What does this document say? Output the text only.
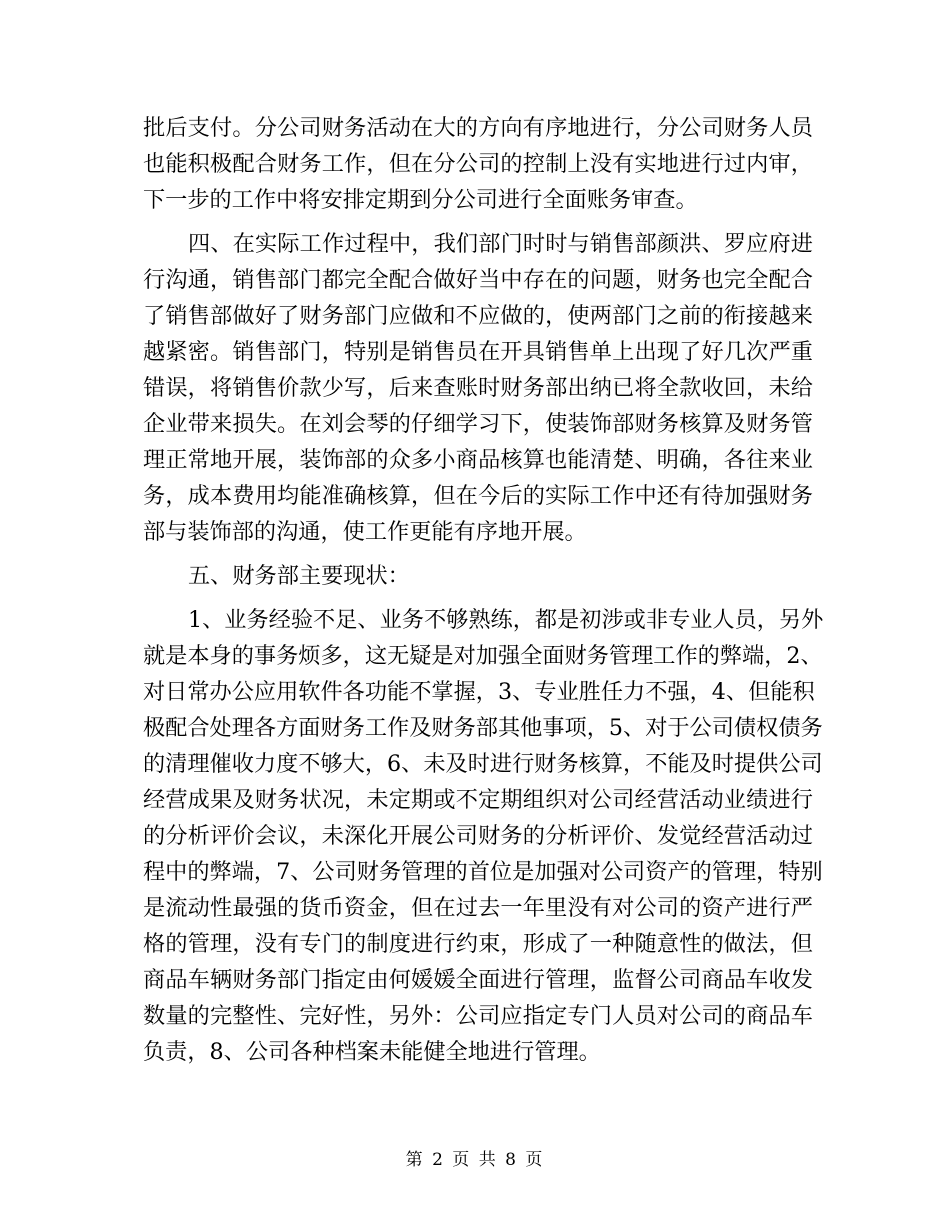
批后支付。分公司财务活动在大的方向有序地进行，分公司财务人员
也能积极配合财务工作，但在分公司的控制上没有实地进行过内审，
下一步的工作中将安排定期到分公司进行全面账务审查。
四、在实际工作过程中，我们部门时时与销售部颜洪、罗应府进
行沟通，销售部门都完全配合做好当中存在的问题，财务也完全配合
了销售部做好了财务部门应做和不应做的，使两部门之前的衔接越来
越紧密。销售部门，特别是销售员在开具销售单上出现了好几次严重
错误，将销售价款少写，后来查账时财务部出纳已将全款收回，未给
企业带来损失。在刘会琴的仔细学习下，使装饰部财务核算及财务管
理正常地开展，装饰部的众多小商品核算也能清楚、明确，各往来业
务，成本费用均能准确核算，但在今后的实际工作中还有待加强财务
部与装饰部的沟通，使工作更能有序地开展。
五、财务部主要现状：
1、业务经验不足、业务不够熟练，都是初涉或非专业人员，另外
就是本身的事务烦多，这无疑是对加强全面财务管理工作的弊端，2、
对日常办公应用软件各功能不掌握，3、专业胜任力不强，4、但能积
极配合处理各方面财务工作及财务部其他事项，5、对于公司债权债务
的清理催收力度不够大，6、未及时进行财务核算，不能及时提供公司
经营成果及财务状况，未定期或不定期组织对公司经营活动业绩进行
的分析评价会议，未深化开展公司财务的分析评价、发觉经营活动过
程中的弊端，7、公司财务管理的首位是加强对公司资产的管理，特别
是流动性最强的货币资金，但在过去一年里没有对公司的资产进行严
格的管理，没有专门的制度进行约束，形成了一种随意性的做法，但
商品车辆财务部门指定由何媛媛全面进行管理，监督公司商品车收发
数量的完整性、完好性，另外：公司应指定专门人员对公司的商品车
负责，8、公司各种档案未能健全地进行管理。
第 2 页 共 8 页
